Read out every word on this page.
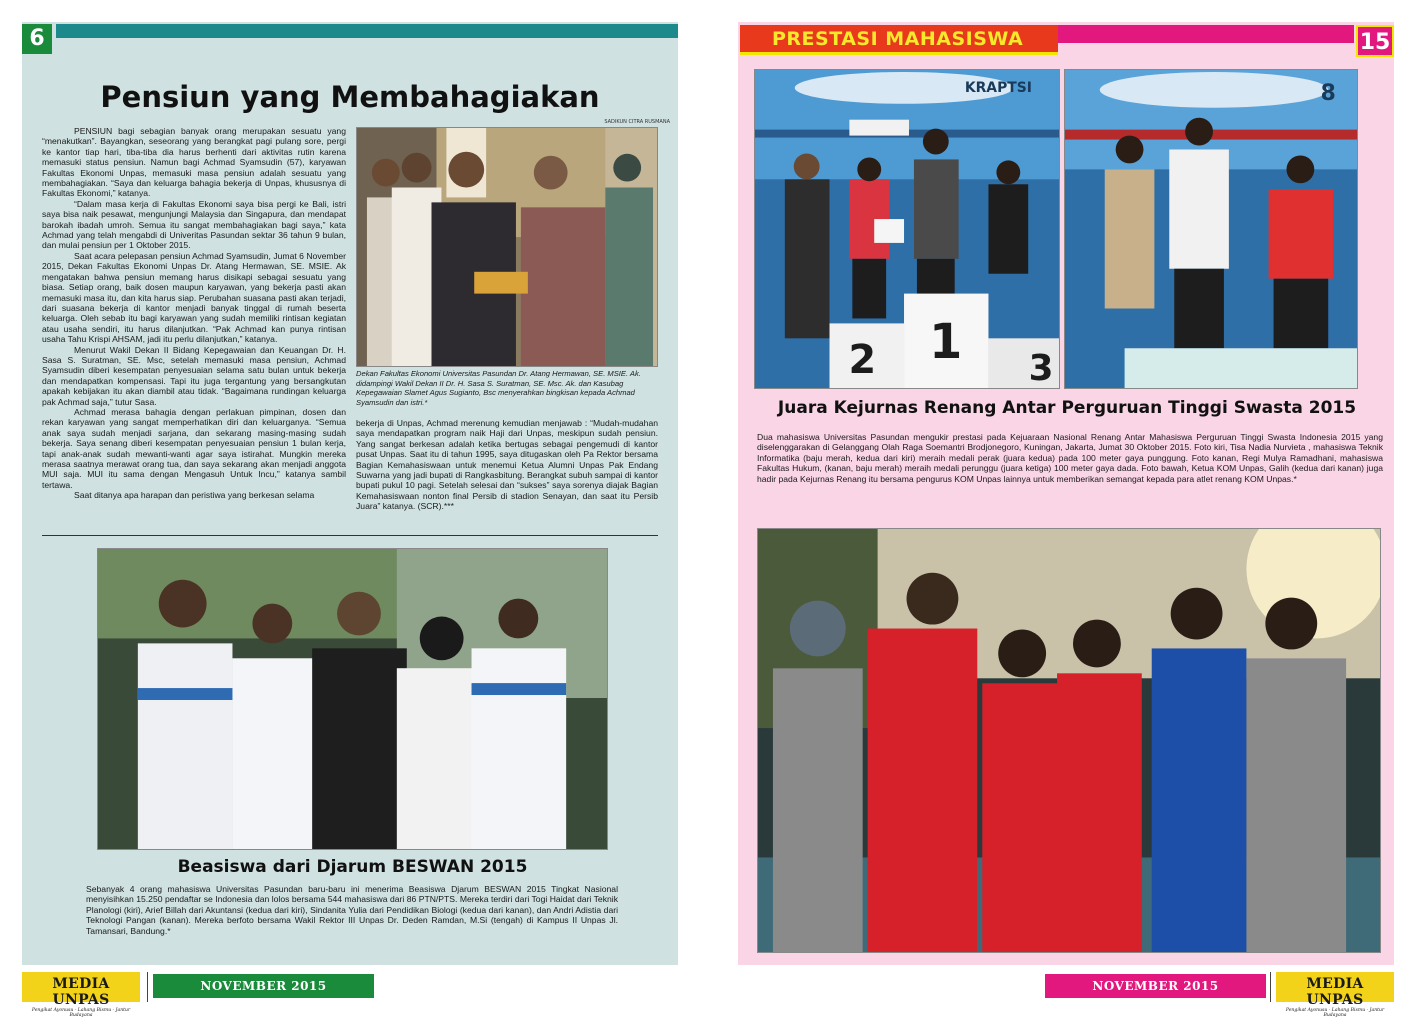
6
Pensiun yang Membahagiakan
SADIKUN CITRA RUSMANA

PENSIUN bagi sebagian banyak orang merupakan sesuatu yang “menakutkan”. Bayangkan, seseorang yang berangkat pagi pulang sore, pergi ke kantor tiap hari, tiba-tiba dia harus berhenti dari aktivitas rutin karena memasuki status pensiun. Namun bagi Achmad Syamsudin (57), karyawan Fakultas Ekonomi Unpas, memasuki masa pensiun adalah sesuatu yang membahagiakan. “Saya dan keluarga bahagia bekerja di Unpas, khususnya di Fakultas Ekonomi,” katanya.

“Dalam masa kerja di Fakultas Ekonomi saya bisa pergi ke Bali, istri saya bisa naik pesawat, mengunjungi Malaysia dan Singapura, dan mendapat barokah ibadah umroh. Semua itu sangat membahagiakan bagi saya,” kata Achmad yang telah mengabdi di Univeritas Pasundan sektar 36 tahun 9 bulan, dan mulai pensiun per 1 Oktober 2015.

Saat acara pelepasan pensiun Achmad Syamsudin, Jumat 6 November 2015, Dekan Fakultas Ekonomi Unpas Dr. Atang Hermawan, SE. MSIE. Ak mengatakan bahwa pensiun memang harus disikapi sebagai sesuatu yang biasa. Setiap orang, baik dosen maupun karyawan, yang bekerja pasti akan memasuki masa itu, dan kita harus siap. Perubahan suasana pasti akan terjadi, dari suasana bekerja di kantor menjadi banyak tinggal di rumah beserta keluarga. Oleh sebab itu bagi karyawan yang sudah memiliki rintisan kegiatan atau usaha sendiri, itu harus dilanjutkan. “Pak Achmad kan punya rintisan usaha Tahu Krispi AHSAM, jadi itu perlu dilanjutkan,” katanya.

Menurut Wakil Dekan II Bidang Kepegawaian dan Keuangan Dr. H. Sasa S. Suratman, SE. Msc, setelah memasuki masa pensiun, Achmad Syamsudin diberi kesempatan penyesuaian selama satu bulan untuk bekerja dan mendapatkan kompensasi. Tapi itu juga tergantung yang bersangkutan apakah kebijakan itu akan diambil atau tidak. “Bagaimana rundingan keluarga pak Achmad saja,” tutur Sasa.

Achmad merasa bahagia dengan perlakuan pimpinan, dosen dan rekan karyawan yang sangat memperhatikan diri dan keluarganya. “Semua anak saya sudah menjadi sarjana, dan sekarang masing-masing sudah bekerja. Saya senang diberi kesempatan penyesuaian pensiun 1 bulan kerja, tapi anak-anak sudah mewanti-wanti agar saya istirahat. Mungkin mereka merasa saatnya merawat orang tua, dan saya sekarang akan menjadi anggota MUI saja. MUI itu sama dengan Mengasuh Untuk Incu,” katanya sambil tertawa.

Saat ditanya apa harapan dan peristiwa yang berkesan selama

Dekan Fakultas Ekonomi Universitas Pasundan Dr. Atang Hermawan, SE. MSIE. Ak. didampingi Wakil Dekan II Dr. H. Sasa S. Suratman, SE. Msc. Ak. dan Kasubag Kepegawaian Slamet Agus Sugianto, Bsc menyerahkan bingkisan kepada Achmad Syamsudin dan istri.*
bekerja di Unpas, Achmad merenung kemudian menjawab : “Mudah-mudahan saya mendapatkan program naik Haji dari Unpas, meskipun sudah pensiun. Yang sangat berkesan adalah ketika bertugas sebagai pengemudi di kantor pusat Unpas. Saat itu di tahun 1995, saya ditugaskan oleh Pa Rektor bersama Bagian Kemahasiswaan untuk menemui Ketua Alumni Unpas Pak Endang Suwarna yang jadi bupati di Rangkasbitung. Berangkat subuh sampai di kantor bupati pukul 10 pagi. Setelah selesai dan “sukses” saya sorenya diajak Bagian Kemahasiswaan nonton final Persib di stadion Senayan, dan saat itu Persib Juara” katanya. (SCR).***
Beasiswa dari Djarum BESWAN 2015
Sebanyak 4 orang mahasiswa Universitas Pasundan baru-baru ini menerima Beasiswa Djarum BESWAN 2015 Tingkat Nasional menyisihkan 15.250 pendaftar se Indonesia dan lolos bersama 544 mahasiswa dari 86 PTN/PTS. Mereka terdiri dari Togi Haidat dari Teknik Planologi (kiri), Arief Billah dari Akuntansi (kedua dari kiri), Sindanita Yulia dari Pendidikan Biologi (kedua dari kanan), dan Andri Adistia dari Teknologi Pangan (kanan). Mereka berfoto bersama Wakil Rektor III Unpas Dr. Deden Ramdan, M.Si (tengah) di Kampus II Unpas Jl. Tamansari, Bandung.*
MEDIA UNPAS
Pengikat Ayonusu - Lahang Bismu - Jantur Budayana
NOVEMBER 2015
PRESTASI MAHASISWA	15
2 1 3
KRAPTSI	8
Juara Kejurnas Renang Antar Perguruan Tinggi Swasta 2015
Dua mahasiswa Universitas Pasundan mengukir prestasi pada Kejuaraan Nasional Renang Antar Mahasiswa Perguruan Tinggi Swasta Indonesia 2015 yang diselenggarakan di Gelanggang Olah Raga Soemantri Brodjonegoro, Kuningan, Jakarta, Jumat 30 Oktober 2015. Foto kiri, Tisa Nadia Nurvieta , mahasiswa Teknik Informatika (baju merah, kedua dari kiri) meraih medali perak (juara kedua) pada 100 meter gaya punggung. Foto kanan, Regi Mulya Ramadhani, mahasiswa Fakultas Hukum, (kanan, baju merah) meraih medali perunggu (juara ketiga) 100 meter gaya dada. Foto bawah, Ketua KOM Unpas, Galih (kedua dari kanan) juga hadir pada Kejurnas Renang itu bersama pengurus KOM Unpas lainnya untuk memberikan semangat kepada para atlet renang KOM Unpas.*
NOVEMBER 2015	MEDIA UNPAS
Pengikat Ayonusu - Lahang Bismu - Jantur Budayana
